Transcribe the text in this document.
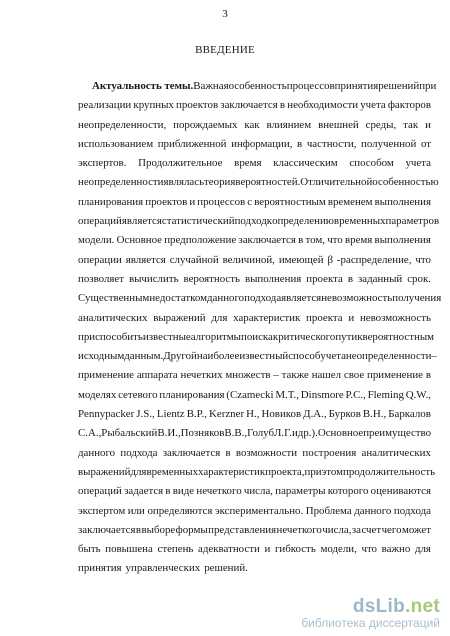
3
ВВЕДЕНИЕ
Актуальность темы. Важная особенность процессов принятия решений при
реализации крупных проектов заключается в необходимости учета факторов
неопределенности, порождаемых как влиянием внешней среды, так и
использованием приближенной информации, в частности, полученной от
экспертов. Продолжительное время классическим способом учета
неопределенности являлась теория вероятностей. Отличительной особенностью
планирования проектов и процессов с вероятностным временем выполнения
операций является статистический подход к определению временных параметров
модели. Основное предположение заключается в том, что время выполнения
операции является случайной величиной, имеющей β -распределение, что
позволяет вычислить вероятность выполнения проекта в заданный срок.
Существенным недостатком данного подхода является невозможность получения
аналитических выражений для характеристик проекта и невозможность
приспособить известные алгоритмы поиска критического пути к вероятностным
исходным данным. Другой наиболее известный способ учета неопределенности –
применение аппарата нечетких множеств – также нашел свое применение в
моделях сетевого планирования (Czamecki M.T., Dinsmore P.C., Fleming Q.W.,
Pennypacker J.S., Lientz B.P., Kerzner H., Новиков Д.А., Бурков В.Н., Баркалов
С.А., Рыбальский В.И., Позняков В.В., Голуб Л.Г. и др.). Основное преимущество
данного подхода заключается в возможности построения аналитических
выражений для временных характеристик проекта, при этом продолжительность
операций задается в виде нечеткого числа, параметры которого оцениваются
экспертом или определяются экспериментально. Проблема данного подхода
заключается в выборе формы представления нечеткого числа, за счет чего может
быть повышена степень адекватности и гибкость модели, что важно для
принятия управленческих решений.
dsLib.net
библиотека диссертаций
